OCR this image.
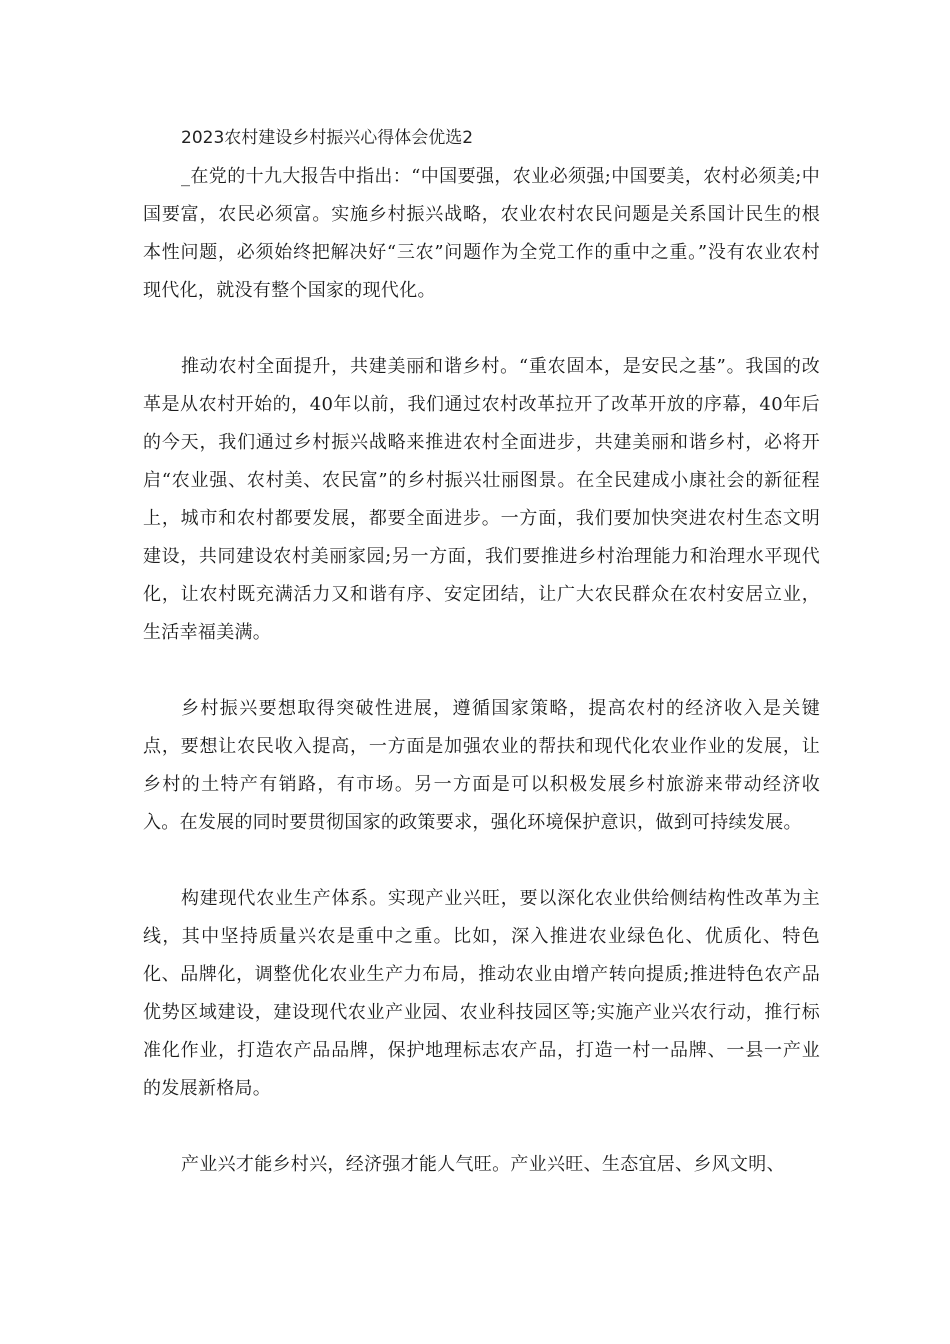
2023农村建设乡村振兴心得体会优选2

_在党的十九大报告中指出：“中国要强，农业必须强;中国要美，农村必须美;中国要富，农民必须富。实施乡村振兴战略，农业农村农民问题是关系国计民生的根本性问题，必须始终把解决好“三农”问题作为全党工作的重中之重。”没有农业农村现代化，就没有整个国家的现代化。

推动农村全面提升，共建美丽和谐乡村。“重农固本，是安民之基”。我国的改革是从农村开始的，40年以前，我们通过农村改革拉开了改革开放的序幕，40年后的今天，我们通过乡村振兴战略来推进农村全面进步，共建美丽和谐乡村，必将开启“农业强、农村美、农民富”的乡村振兴壮丽图景。在全民建成小康社会的新征程上，城市和农村都要发展，都要全面进步。一方面，我们要加快突进农村生态文明建设，共同建设农村美丽家园;另一方面，我们要推进乡村治理能力和治理水平现代化，让农村既充满活力又和谐有序、安定团结，让广大农民群众在农村安居立业，生活幸福美满。

乡村振兴要想取得突破性进展，遵循国家策略，提高农村的经济收入是关键点，要想让农民收入提高，一方面是加强农业的帮扶和现代化农业作业的发展，让乡村的土特产有销路，有市场。另一方面是可以积极发展乡村旅游来带动经济收入。在发展的同时要贯彻国家的政策要求，强化环境保护意识，做到可持续发展。

构建现代农业生产体系。实现产业兴旺，要以深化农业供给侧结构性改革为主线，其中坚持质量兴农是重中之重。比如，深入推进农业绿色化、优质化、特色化、品牌化，调整优化农业生产力布局，推动农业由增产转向提质;推进特色农产品优势区域建设，建设现代农业产业园、农业科技园区等;实施产业兴农行动，推行标准化作业，打造农产品品牌，保护地理标志农产品，打造一村一品牌、一县一产业的发展新格局。

产业兴才能乡村兴，经济强才能人气旺。产业兴旺、生态宜居、乡风文明、
